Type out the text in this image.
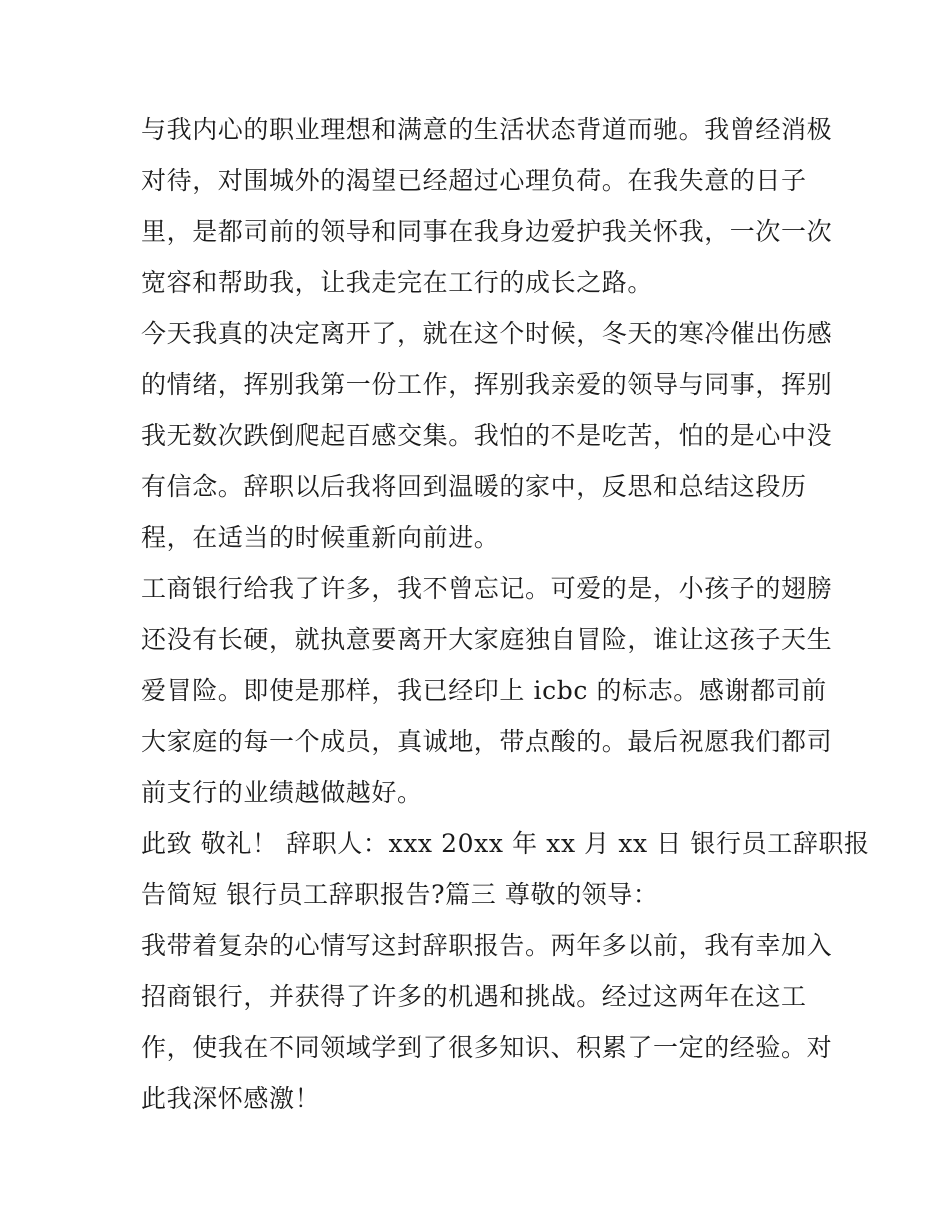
与我内心的职业理想和满意的生活状态背道而驰。我曾经消极
对待，对围城外的渴望已经超过心理负荷。在我失意的日子
里，是都司前的领导和同事在我身边爱护我关怀我，一次一次
宽容和帮助我，让我走完在工行的成长之路。
今天我真的决定离开了，就在这个时候，冬天的寒冷催出伤感
的情绪，挥别我第一份工作，挥别我亲爱的领导与同事，挥别
我无数次跌倒爬起百感交集。我怕的不是吃苦，怕的是心中没
有信念。辞职以后我将回到温暖的家中，反思和总结这段历
程，在适当的时候重新向前进。
工商银行给我了许多，我不曾忘记。可爱的是，小孩子的翅膀
还没有长硬，就执意要离开大家庭独自冒险，谁让这孩子天生
爱冒险。即使是那样，我已经印上 icbc 的标志。感谢都司前
大家庭的每一个成员，真诚地，带点酸的。最后祝愿我们都司
前支行的业绩越做越好。
此致 敬礼！ 辞职人：xxx 20xx 年 xx 月 xx 日 银行员工辞职报
告简短 银行员工辞职报告?篇三 尊敬的领导：
我带着复杂的心情写这封辞职报告。两年多以前，我有幸加入
招商银行，并获得了许多的机遇和挑战。经过这两年在这工
作，使我在不同领域学到了很多知识、积累了一定的经验。对
此我深怀感激！
